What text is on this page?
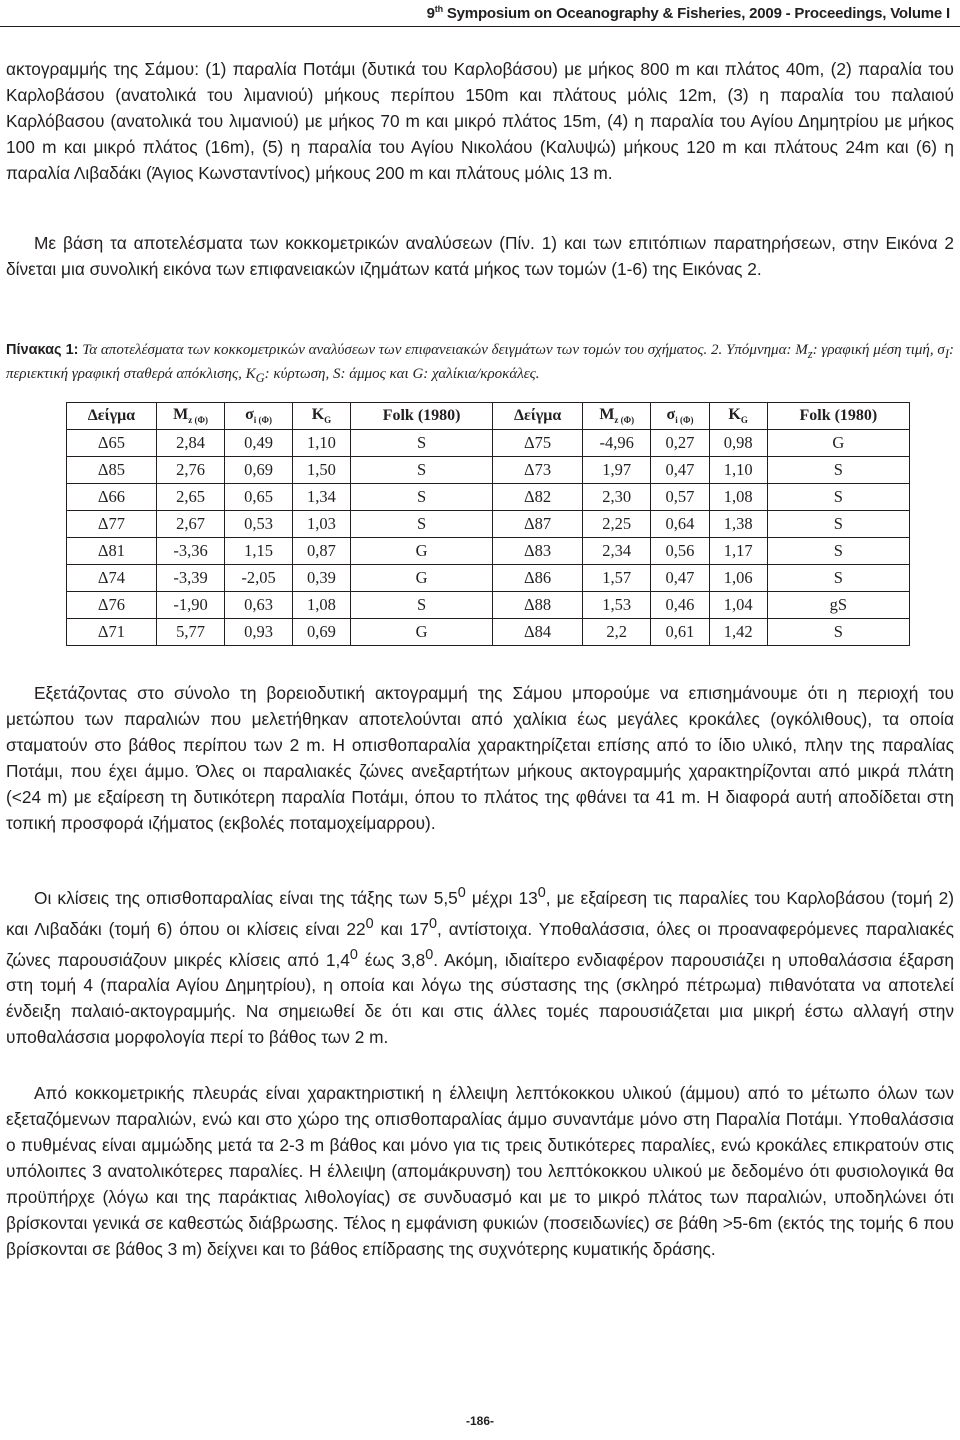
9th Symposium on Oceanography & Fisheries, 2009 - Proceedings, Volume I

ακτογραμμής της Σάμου: (1) παραλία Ποτάμι (δυτικά του Καρλοβάσου) με μήκος 800 m και πλάτος 40m, (2) παραλία του Καρλοβάσου (ανατολικά του λιμανιού) μήκους περίπου 150m και πλάτους μόλις 12m, (3) η παραλία του παλαιού Καρλόβασου (ανατολικά του λιμανιού) με μήκος 70 m και μικρό πλάτος 15m, (4) η παραλία του Αγίου Δημητρίου με μήκος 100 m και μικρό πλάτος (16m), (5) η παραλία του Αγίου Νικολάου (Καλυψώ) μήκους 120 m και πλάτους 24m και (6) η παραλία Λιβαδάκι (Άγιος Κωνσταντίνος) μήκους 200 m και πλάτους μόλις 13 m.

Με βάση τα αποτελέσματα των κοκκομετρικών αναλύσεων (Πίν. 1) και των επιτόπιων παρατηρήσεων, στην Εικόνα 2 δίνεται μια συνολική εικόνα των επιφανειακών ιζημάτων κατά μήκος των τομών (1-6) της Εικόνας 2.

Πίνακας 1: Τα αποτελέσματα των κοκκομετρικών αναλύσεων των επιφανειακών δειγμάτων των τομών του σχήματος. 2. Υπόμνημα: $M_z$: γραφική μέση τιμή, $\sigma_I$: περιεκτική γραφική σταθερά απόκλισης, $K_G$: κύρτωση, S: άμμος και G: χαλίκια/κροκάλες.

Δείγμα	$M_{z (\Phi)}$	$\sigma_{i (\Phi)}$	$K_G$	Folk (1980)	Δείγμα	$M_{z (\Phi)}$	$\sigma_{i (\Phi)}$	$K_G$	Folk (1980)
Δ65	2,84	0,49	1,10	S	Δ75	-4,96	0,27	0,98	G
Δ85	2,76	0,69	1,50	S	Δ73	1,97	0,47	1,10	S
Δ66	2,65	0,65	1,34	S	Δ82	2,30	0,57	1,08	S
Δ77	2,67	0,53	1,03	S	Δ87	2,25	0,64	1,38	S
Δ81	-3,36	1,15	0,87	G	Δ83	2,34	0,56	1,17	S
Δ74	-3,39	-2,05	0,39	G	Δ86	1,57	0,47	1,06	S
Δ76	-1,90	0,63	1,08	S	Δ88	1,53	0,46	1,04	gS
Δ71	5,77	0,93	0,69	G	Δ84	2,2	0,61	1,42	S

Εξετάζοντας στο σύνολο τη βορειοδυτική ακτογραμμή της Σάμου μπορούμε να επισημάνουμε ότι η περιοχή του μετώπου των παραλιών που μελετήθηκαν αποτελούνται από χαλίκια έως μεγάλες κροκάλες (ογκόλιθους), τα οποία σταματούν στο βάθος περίπου των 2 m. Η οπισθοπαραλία χαρακτηρίζεται επίσης από το ίδιο υλικό, πλην της παραλίας Ποτάμι, που έχει άμμο. Όλες οι παραλιακές ζώνες ανεξαρτήτων μήκους ακτογραμμής χαρακτηρίζονται από μικρά πλάτη (<24 m) με εξαίρεση τη δυτικότερη παραλία Ποτάμι, όπου το πλάτος της φθάνει τα 41 m. Η διαφορά αυτή αποδίδεται στη τοπική προσφορά ιζήματος (εκβολές ποταμοχείμαρρου).

Οι κλίσεις της οπισθοπαραλίας είναι της τάξης των $5,5^0$ μέχρι $13^0$, με εξαίρεση τις παραλίες του Καρλοβάσου (τομή 2) και Λιβαδάκι (τομή 6) όπου οι κλίσεις είναι $22^0$ και $17^0$, αντίστοιχα. Υποθαλάσσια, όλες οι προαναφερόμενες παραλιακές ζώνες παρουσιάζουν μικρές κλίσεις από $1,4^0$ έως $3,8^0$. Ακόμη, ιδιαίτερο ενδιαφέρον παρουσιάζει η υποθαλάσσια έξαρση στη τομή 4 (παραλία Αγίου Δημητρίου), η οποία και λόγω της σύστασης της (σκληρό πέτρωμα) πιθανότατα να αποτελεί ένδειξη παλαιό-ακτογραμμής. Να σημειωθεί δε ότι και στις άλλες τομές παρουσιάζεται μια μικρή έστω αλλαγή στην υποθαλάσσια μορφολογία περί το βάθος των 2 m.

Από κοκκομετρικής πλευράς είναι χαρακτηριστική η έλλειψη λεπτόκοκκου υλικού (άμμου) από το μέτωπο όλων των εξεταζόμενων παραλιών, ενώ και στο χώρο της οπισθοπαραλίας άμμο συναντάμε μόνο στη Παραλία Ποτάμι. Υποθαλάσσια ο πυθμένας είναι αμμώδης μετά τα 2-3 m βάθος και μόνο για τις τρεις δυτικότερες παραλίες, ενώ κροκάλες επικρατούν στις υπόλοιπες 3 ανατολικότερες παραλίες. Η έλλειψη (απομάκρυνση) του λεπτόκοκκου υλικού με δεδομένο ότι φυσιολογικά θα προϋπήρχε (λόγω και της παράκτιας λιθολογίας) σε συνδυασμό και με το μικρό πλάτος των παραλιών, υποδηλώνει ότι βρίσκονται γενικά σε καθεστώς διάβρωσης. Τέλος η εμφάνιση φυκιών (ποσειδωνίες) σε βάθη >5-6m (εκτός της τομής 6 που βρίσκονται σε βάθος 3 m) δείχνει και το βάθος επίδρασης της συχνότερης κυματικής δράσης.

-186-
